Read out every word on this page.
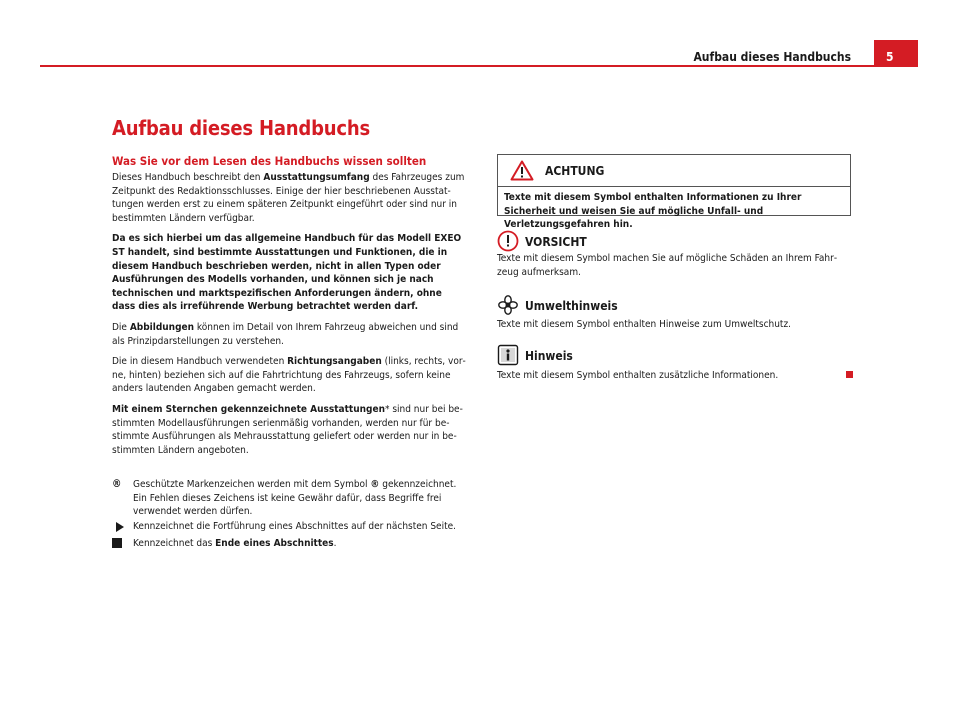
Aufbau dieses Handbuchs	5
Aufbau dieses Handbuchs
Was Sie vor dem Lesen des Handbuchs wissen sollten

Dieses Handbuch beschreibt den Ausstattungsumfang des Fahrzeuges zum Zeitpunkt des Redaktionsschlusses. Einige der hier beschriebenen Ausstattungen werden erst zu einem späteren Zeitpunkt eingeführt oder sind nur in bestimmten Ländern verfügbar.

Da es sich hierbei um das allgemeine Handbuch für das Modell EXEO ST handelt, sind bestimmte Ausstattungen und Funktionen, die in diesem Handbuch beschrieben werden, nicht in allen Typen oder Ausführungen des Modells vorhanden, und können sich je nach technischen und marktspezifischen Anforderungen ändern, ohne dass dies als irreführende Werbung betrachtet werden darf.

Die Abbildungen können im Detail von Ihrem Fahrzeug abweichen und sind als Prinzipdarstellungen zu verstehen.

Die in diesem Handbuch verwendeten Richtungsangaben (links, rechts, vorne, hinten) beziehen sich auf die Fahrtrichtung des Fahrzeugs, sofern keine anders lautenden Angaben gemacht werden.

Mit einem Sternchen gekennzeichnete Ausstattungen* sind nur bei bestimmten Modellausführungen serienmäßig vorhanden, werden nur für bestimmte Ausführungen als Mehrausstattung geliefert oder werden nur in bestimmten Ländern angeboten.

®	Geschützte Markenzeichen werden mit dem Symbol ® gekennzeichnet. Ein Fehlen dieses Zeichens ist keine Gewähr dafür, dass Begriffe frei verwendet werden dürfen.
Kennzeichnet die Fortführung eines Abschnittes auf der nächsten Seite.
Kennzeichnet das Ende eines Abschnittes.
ACHTUNG
Texte mit diesem Symbol enthalten Informationen zu Ihrer Sicherheit und weisen Sie auf mögliche Unfall- und Verletzungsgefahren hin.
VORSICHT
Texte mit diesem Symbol machen Sie auf mögliche Schäden an Ihrem Fahrzeug aufmerksam.
Umwelthinweis
Texte mit diesem Symbol enthalten Hinweise zum Umweltschutz.
Hinweis
Texte mit diesem Symbol enthalten zusätzliche Informationen.
